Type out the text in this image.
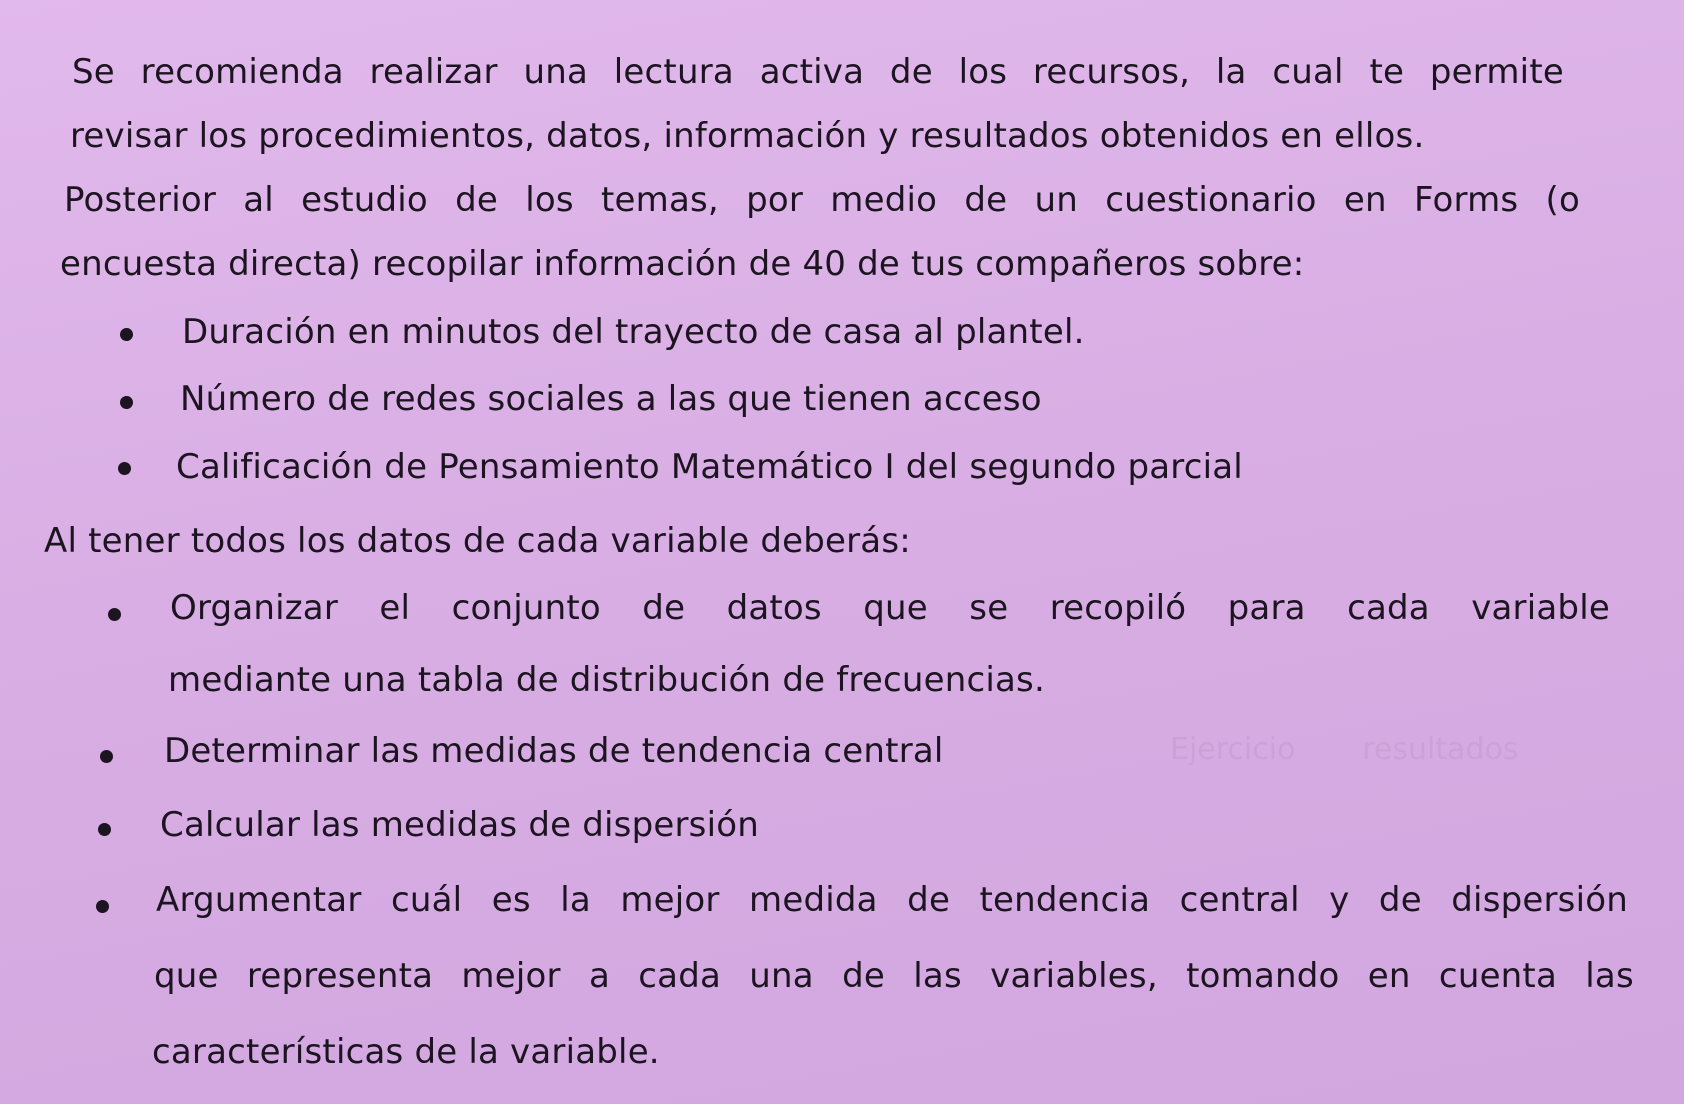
Ejercicio       resultados
Se recomienda realizar una lectura activa de los recursos, la cual te permite
revisar los procedimientos, datos, información y resultados obtenidos en ellos.
Posterior al estudio de los temas, por medio de un cuestionario en Forms (o
encuesta directa) recopilar información de 40 de tus compañeros sobre:
Duración en minutos del trayecto de casa al plantel.
Número de redes sociales a las que tienen acceso
Calificación de Pensamiento Matemático I del segundo parcial
Al tener todos los datos de cada variable deberás:
Organizar el conjunto de datos que se recopiló para cada variable
mediante una tabla de distribución de frecuencias.
Determinar las medidas de tendencia central
Calcular las medidas de dispersión
Argumentar cuál es la mejor medida de tendencia central y de dispersión
que representa mejor a cada una de las variables, tomando en cuenta las
características de la variable.
